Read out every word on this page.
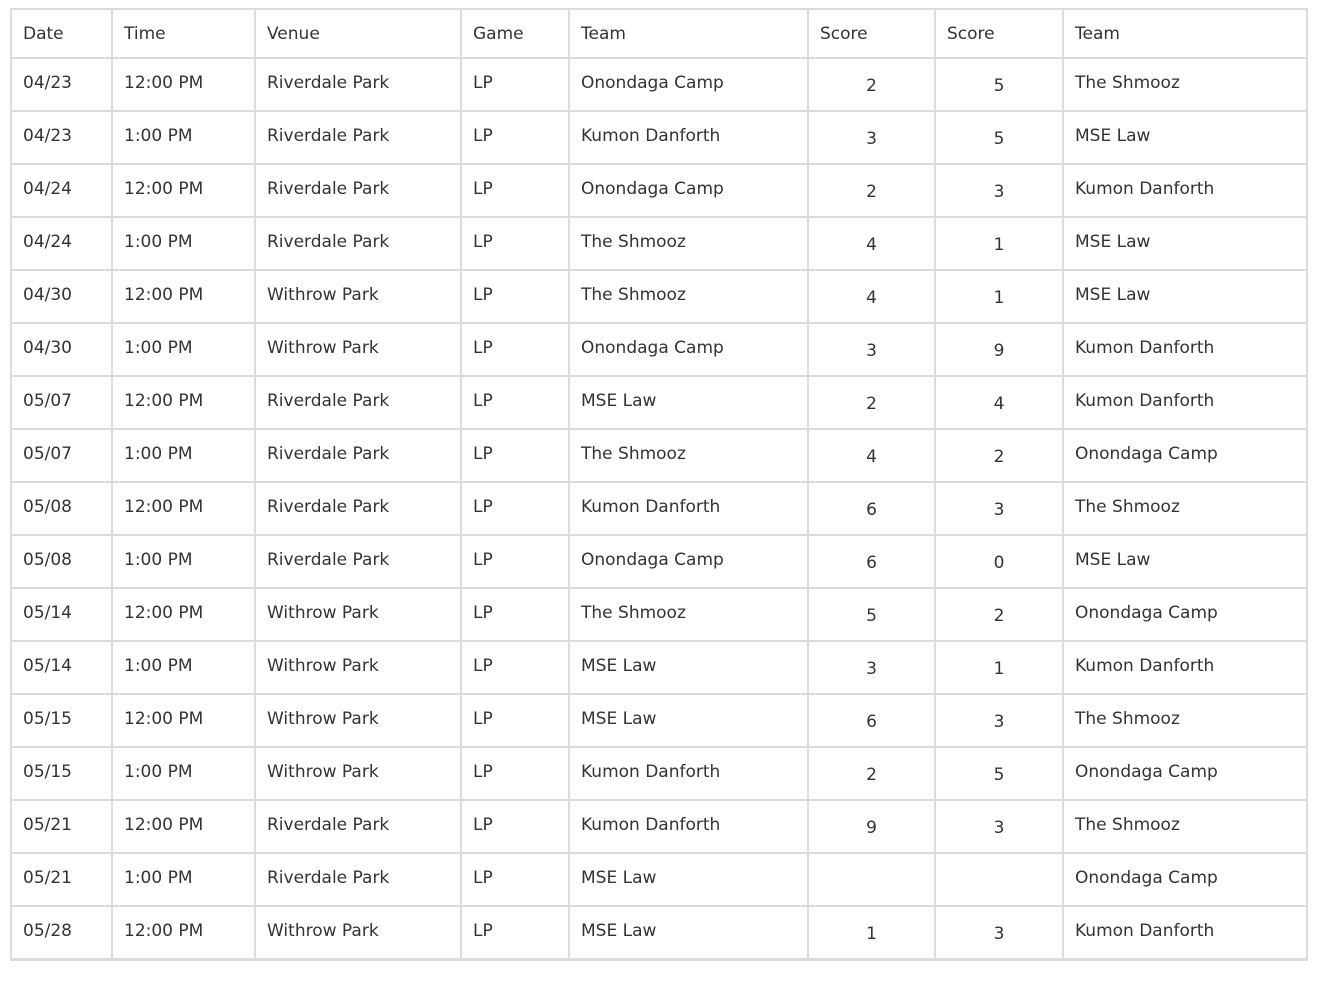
Date	Time	Venue	Game	Team	Score	Score	Team
04/23	12:00 PM	Riverdale Park	LP	Onondaga Camp	2	5	The Shmooz
04/23	1:00 PM	Riverdale Park	LP	Kumon Danforth	3	5	MSE Law
04/24	12:00 PM	Riverdale Park	LP	Onondaga Camp	2	3	Kumon Danforth
04/24	1:00 PM	Riverdale Park	LP	The Shmooz	4	1	MSE Law
04/30	12:00 PM	Withrow Park	LP	The Shmooz	4	1	MSE Law
04/30	1:00 PM	Withrow Park	LP	Onondaga Camp	3	9	Kumon Danforth
05/07	12:00 PM	Riverdale Park	LP	MSE Law	2	4	Kumon Danforth
05/07	1:00 PM	Riverdale Park	LP	The Shmooz	4	2	Onondaga Camp
05/08	12:00 PM	Riverdale Park	LP	Kumon Danforth	6	3	The Shmooz
05/08	1:00 PM	Riverdale Park	LP	Onondaga Camp	6	0	MSE Law
05/14	12:00 PM	Withrow Park	LP	The Shmooz	5	2	Onondaga Camp
05/14	1:00 PM	Withrow Park	LP	MSE Law	3	1	Kumon Danforth
05/15	12:00 PM	Withrow Park	LP	MSE Law	6	3	The Shmooz
05/15	1:00 PM	Withrow Park	LP	Kumon Danforth	2	5	Onondaga Camp
05/21	12:00 PM	Riverdale Park	LP	Kumon Danforth	9	3	The Shmooz
05/21	1:00 PM	Riverdale Park	LP	MSE Law			Onondaga Camp
05/28	12:00 PM	Withrow Park	LP	MSE Law	1	3	Kumon Danforth
